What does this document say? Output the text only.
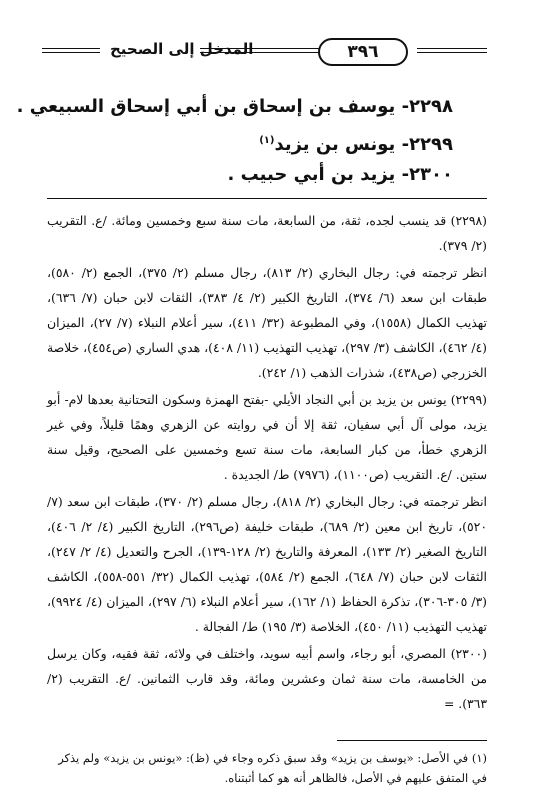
٣٩٦
المدخل إلى الصحيح
٢٢٩٨- يوسف بن إسحاق بن أبي إسحاق السبيعي .
٢٢٩٩- يونس بن يزيد$^{(١)}$
٢٣٠٠- يزيد بن أبي حبيب .

(٢٢٩٨) قد ينسب لجده، ثقة، من السابعة، مات سنة سبع وخمسين ومائة. /ع. التقريب (٢/ ٣٧٩).

انظر ترجمته في: رجال البخاري (٢/ ٨١٣)، رجال مسلم (٢/ ٣٧٥)، الجمع (٢/ ٥٨٠)، طبقات ابن سعد (٦/ ٣٧٤)، التاريخ الكبير (٢/ ٤/ ٣٨٣)، الثقات لابن حبان (٧/ ٦٣٦)، تهذيب الكمال (١٥٥٨)، وفي المطبوعة (٣٢/ ٤١١)، سير أعلام النبلاء (٧/ ٢٧)، الميزان (٤/ ٤٦٢)، الكاشف (٣/ ٢٩٧)، تهذيب التهذيب (١١/ ٤٠٨)، هدي الساري (ص٤٥٤)، خلاصة الخزرجي (ص٤٣٨)، شذرات الذهب (١/ ٢٤٢).

(٢٢٩٩) يونس بن يزيد بن أبي النجاد الأيلي -بفتح الهمزة وسكون التحتانية بعدها لام- أبو يزيد، مولى آل أبي سفيان، ثقة إلا أن في روايته عن الزهري وهمًا قليلاً، وفي غير الزهري خطأ، من كبار السابعة، مات سنة تسع وخمسين على الصحيح، وقيل سنة ستين. /ع. التقريب (ص١١٠٠)، (٧٩٧٦) ط/ الجديدة .

انظر ترجمته في: رجال البخاري (٢/ ٨١٨)، رجال مسلم (٢/ ٣٧٠)، طبقات ابن سعد (٧/ ٥٢٠)، تاريخ ابن معين (٢/ ٦٨٩)، طبقات خليفة (ص٢٩٦)، التاريخ الكبير (٤/ ٢/ ٤٠٦)، التاريخ الصغير (٢/ ١٣٣)، المعرفة والتاريخ (٢/ ١٢٨-١٣٩)، الجرح والتعديل (٤/ ٢/ ٢٤٧)، الثقات لابن حبان (٧/ ٦٤٨)، الجمع (٢/ ٥٨٤)، تهذيب الكمال (٣٢/ ٥٥١-٥٥٨)، الكاشف (٣/ ٣٠٥-٣٠٦)، تذكرة الحفاظ (١/ ١٦٢)، سير أعلام النبلاء (٦/ ٢٩٧)، الميزان (٤/ ٩٩٢٤)، تهذيب التهذيب (١١/ ٤٥٠)، الخلاصة (٣/ ١٩٥) ط/ الفجالة .

(٢٣٠٠) المصري، أبو رجاء، واسم أبيه سويد، واختلف في ولائه، ثقة فقيه، وكان يرسل من الخامسة، مات سنة ثمان وعشرين ومائة، وقد قارب الثمانين. /ع. التقريب (٢/ ٣٦٣). =

(١) في الأصل: «يوسف بن يزيد» وقد سبق ذكره وجاء في (ظ): «يونس بن يزيد» ولم يذكر في المتفق عليهم في الأصل، فالظاهر أنه هو كما أثبتناه.
